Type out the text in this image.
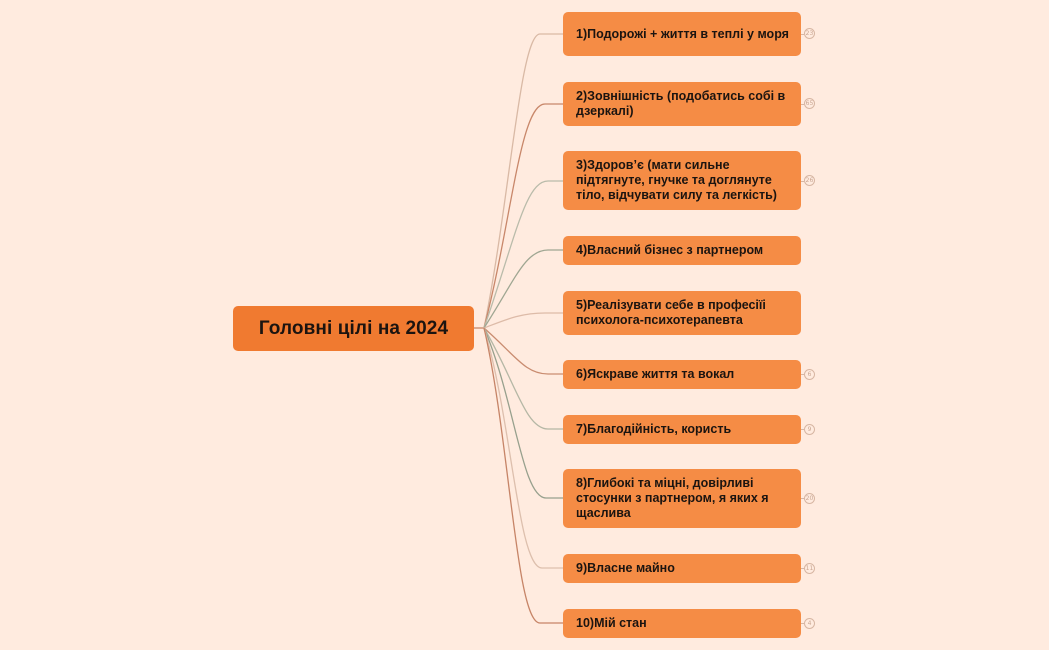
Головні цілі на 2024
1)Подорожі + життя в теплі у моря	23
2)Зовнішність (подобатись собі в дзеркалі)
65
3)Здоров’є (мати сильне підтягнуте, гнучке та доглянуте тіло, відчувати силу та легкість)
26
4)Власний бізнес з партнером
5)Реалізувати себе в професіїі психолога-психотерапевта
6)Яскраве життя та вокал	6
7)Благодійність, користь	9
8)Глибокі та міцні, довірливі стосунки з партнером, я яких я щаслива
20
9)Власне майно	11
10)Мій стан	4
